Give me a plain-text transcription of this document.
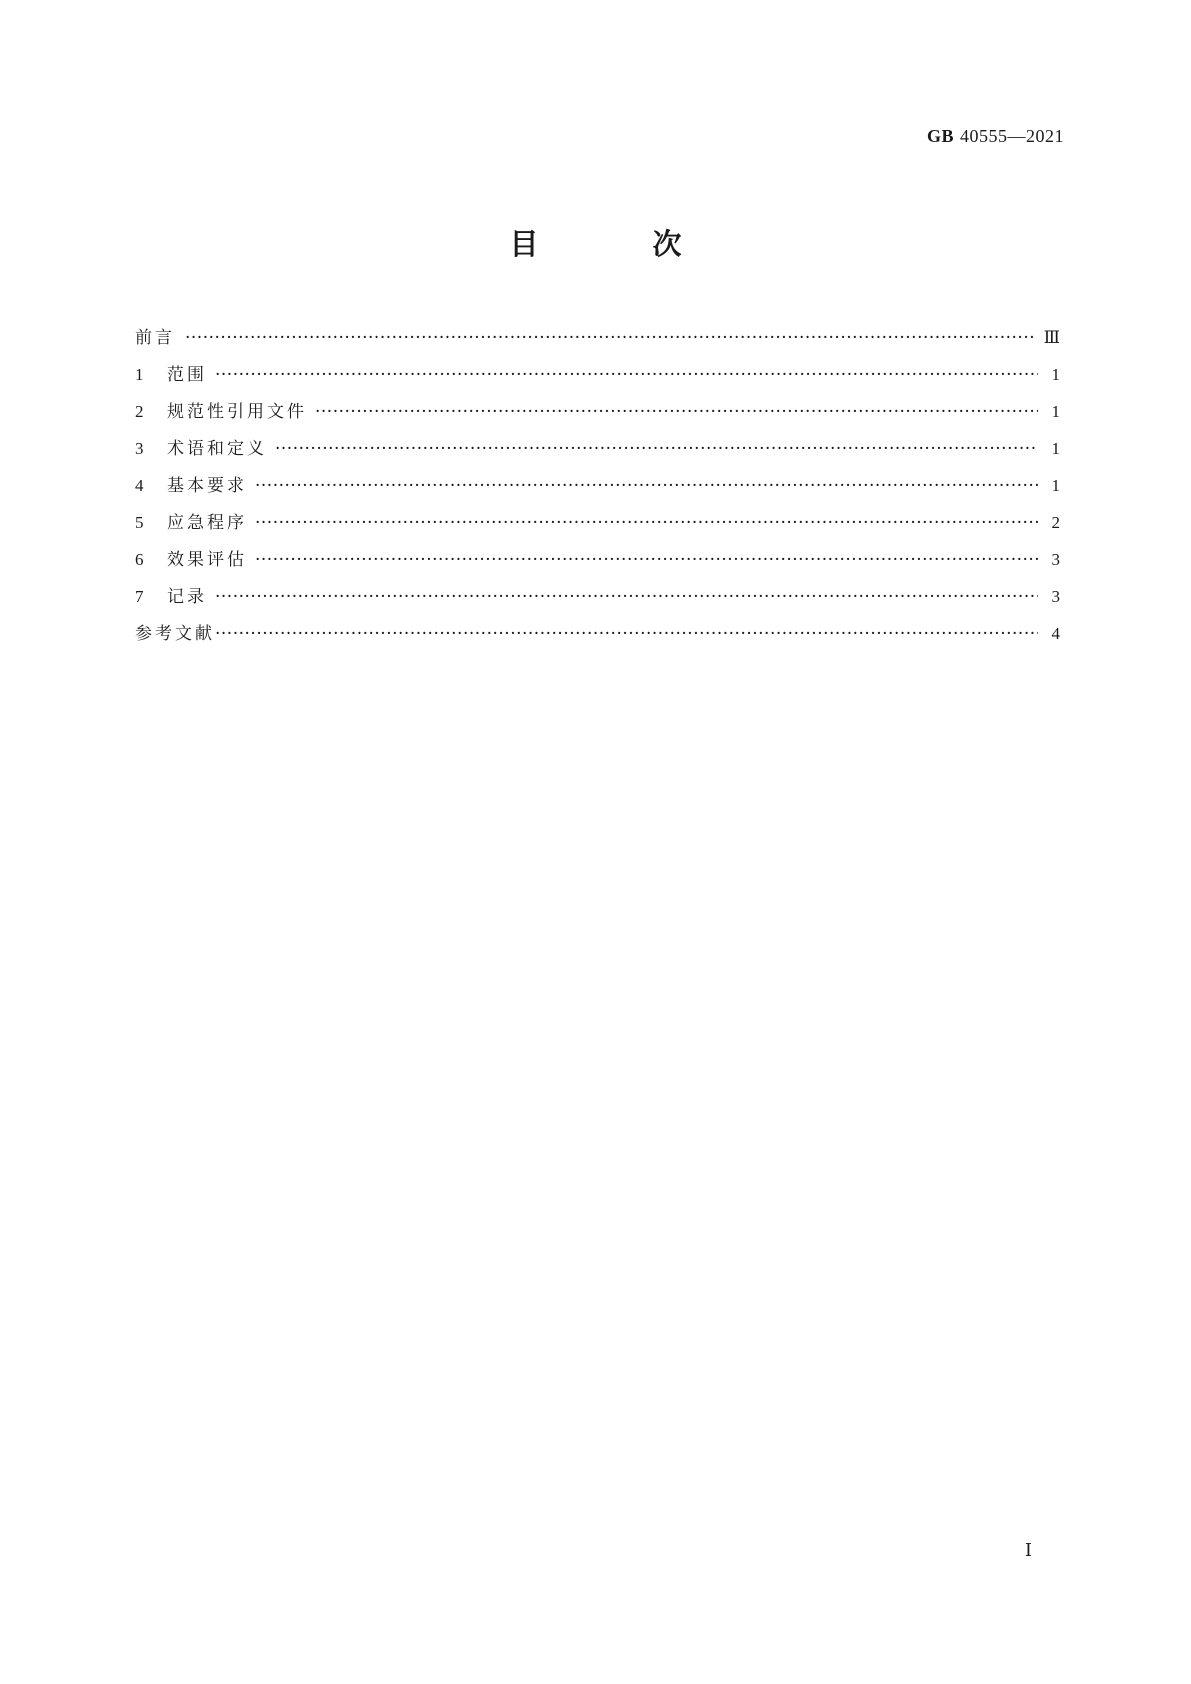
GB 40555—2021
目 次
前言 ·····	Ⅲ
1	范围 ·····	1
2	规范性引用文件 ·····	1
3	术语和定义 ·····	1
4	基本要求 ·····	1
5	应急程序 ·····	2
6	效果评估 ·····	3
7	记录 ·····	3
参考文献 ·····	4
Ⅰ
